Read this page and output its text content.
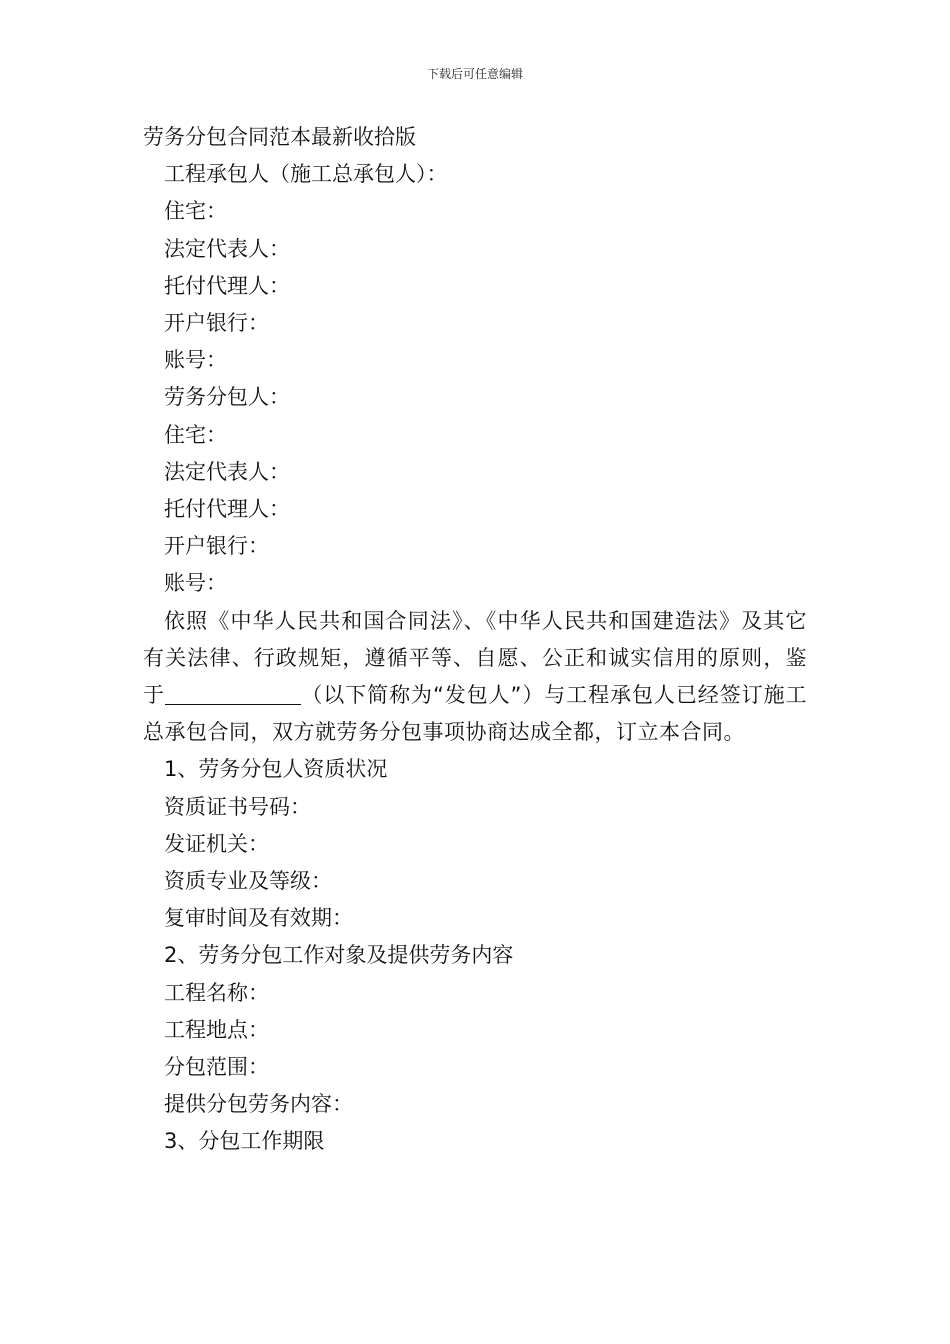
下载后可任意编辑
劳务分包合同范本最新收拾版

工程承包人（施工总承包人）：

住宅：

法定代表人：

托付代理人：

开户银行：

账号：

劳务分包人：

住宅：

法定代表人：

托付代理人：

开户银行：

账号：

依照《中华人民共和国合同法》、《中华人民共和国建造法》及其它有关法律、行政规矩，遵循平等、自愿、公正和诚实信用的原则，鉴于	（以下简称为“发包人”）与工程承包人已经签订施工总承包合同，双方就劳务分包事项协商达成全都，订立本合同。

1、劳务分包人资质状况

资质证书号码：

发证机关：

资质专业及等级：

复审时间及有效期：

2、劳务分包工作对象及提供劳务内容

工程名称：

工程地点：

分包范围：

提供分包劳务内容：

3、分包工作期限
